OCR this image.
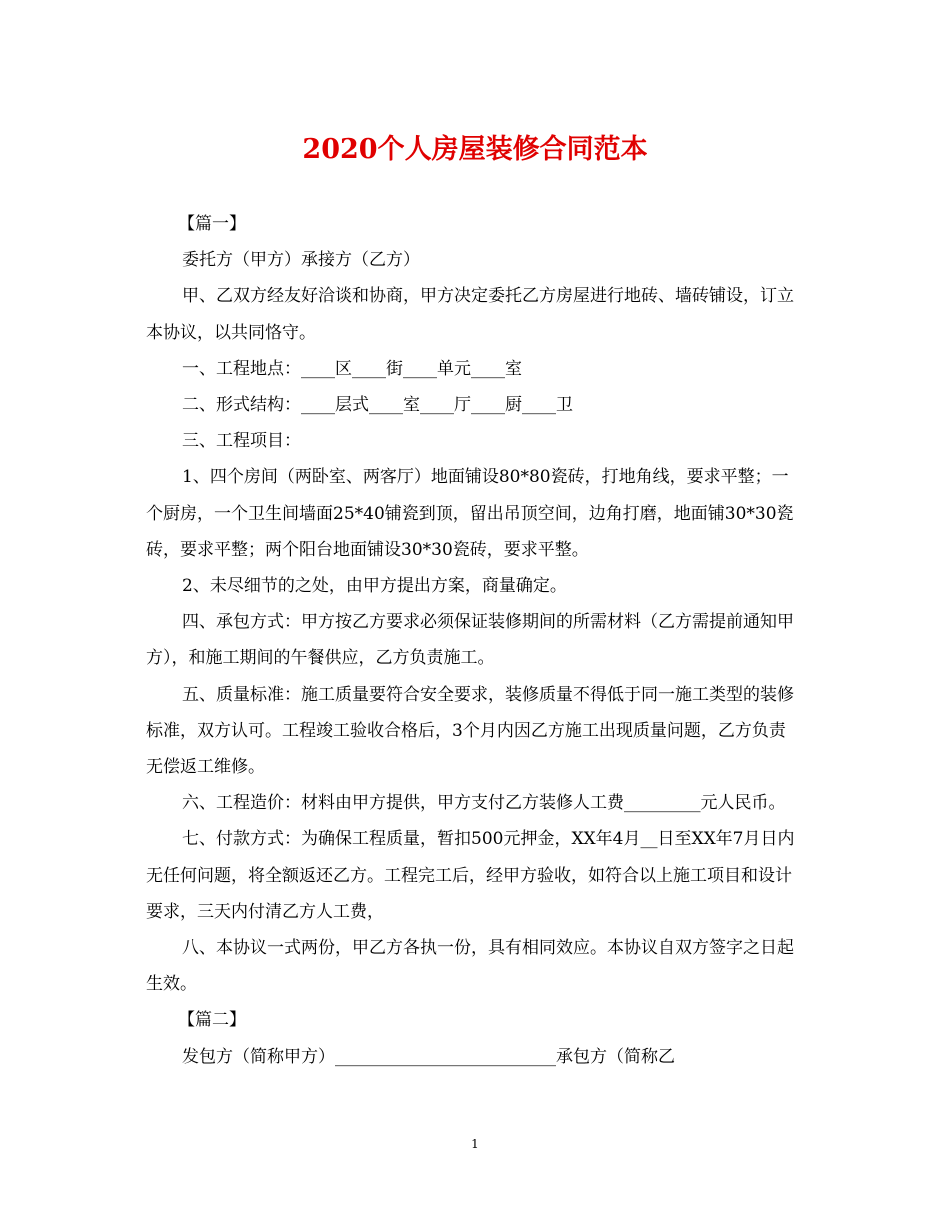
2020个人房屋装修合同范本

【篇一】

委托方（甲方）承接方（乙方）

甲、乙双方经友好洽谈和协商，甲方决定委托乙方房屋进行地砖、墙砖铺设，订立本协议，以共同恪守。

一、工程地点：____区____街____单元____室

二、形式结构：____层式____室____厅____厨____卫

三、工程项目：

1、四个房间（两卧室、两客厅）地面铺设80*80瓷砖，打地角线，要求平整；一个厨房，一个卫生间墙面25*40铺瓷到顶，留出吊顶空间，边角打磨，地面铺30*30瓷砖，要求平整；两个阳台地面铺设30*30瓷砖，要求平整。

2、未尽细节的之处，由甲方提出方案，商量确定。

四、承包方式：甲方按乙方要求必须保证装修期间的所需材料（乙方需提前通知甲方），和施工期间的午餐供应，乙方负责施工。

五、质量标准：施工质量要符合安全要求，装修质量不得低于同一施工类型的装修标准，双方认可。工程竣工验收合格后，3个月内因乙方施工出现质量问题，乙方负责无偿返工维修。

六、工程造价：材料由甲方提供，甲方支付乙方装修人工费_________元人民币。

七、付款方式：为确保工程质量，暂扣500元押金，XX年4月__日至XX年7月日内无任何问题，将全额返还乙方。工程完工后，经甲方验收，如符合以上施工项目和设计要求，三天内付清乙方人工费，

八、本协议一式两份，甲乙方各执一份，具有相同效应。本协议自双方签字之日起生效。

【篇二】

发包方（简称甲方）__________________________承包方（简称乙

1
